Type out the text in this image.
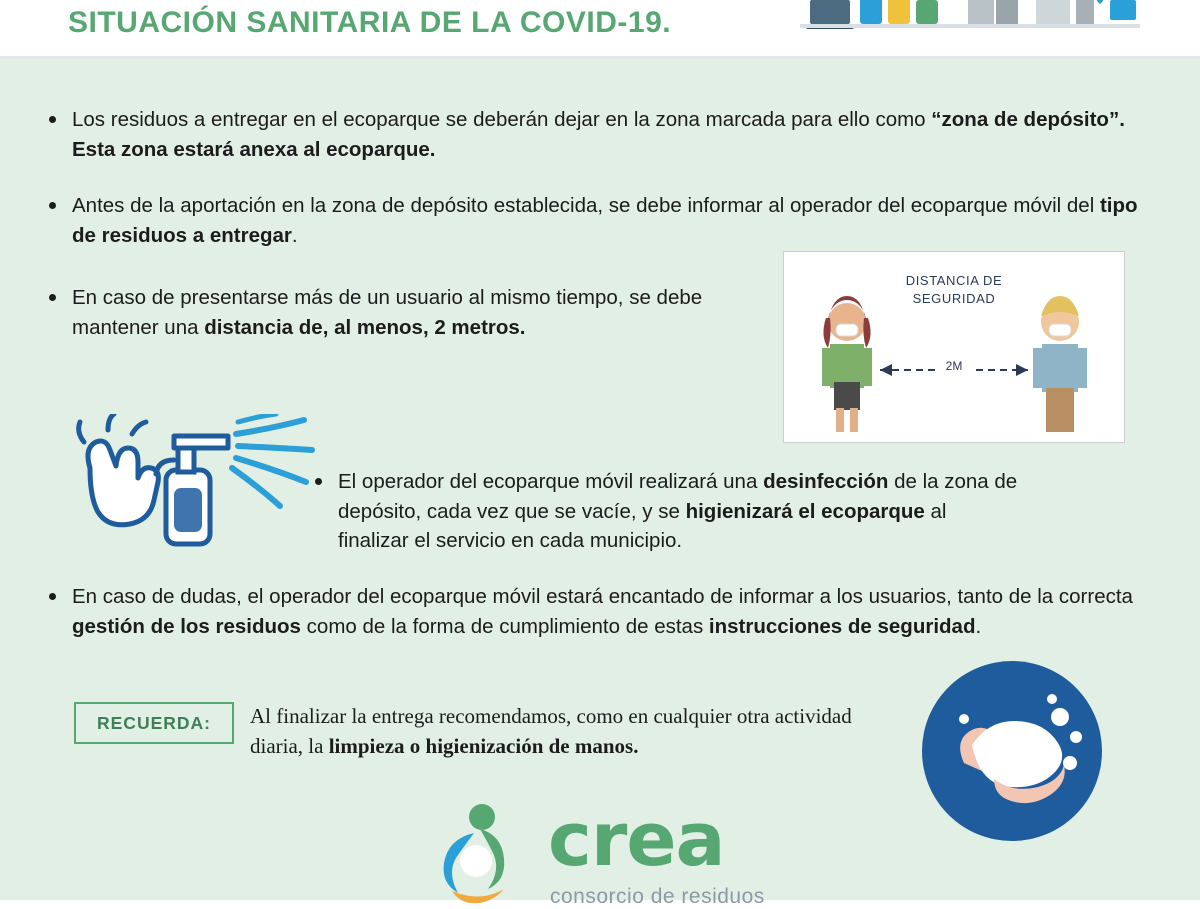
SITUACIÓN SANITARIA DE LA COVID-19.
Los residuos a entregar en el ecoparque se deberán dejar en la zona marcada para ello como “zona de depósito”. Esta zona estará anexa al ecoparque.
Antes de la aportación en la zona de depósito establecida, se debe informar al operador del ecoparque móvil del tipo de residuos a entregar.
En caso de presentarse más de un usuario al mismo tiempo, se debe mantener una distancia de, al menos, 2 metros.
El operador del ecoparque móvil realizará una desinfección de la zona de depósito, cada vez que se vacíe, y se higienizará el ecoparque al finalizar el servicio en cada municipio.
En caso de dudas, el operador del ecoparque móvil estará encantado de informar a los usuarios, tanto de la correcta gestión de los residuos como de la forma de cumplimiento de estas instrucciones de seguridad.
DISTANCIA DE
SEGURIDAD
2M
RECUERDA:	Al finalizar la entrega recomendamos, como en cualquier otra actividad diaria, la limpieza o higienización de manos.
crea
consorcio de residuos
